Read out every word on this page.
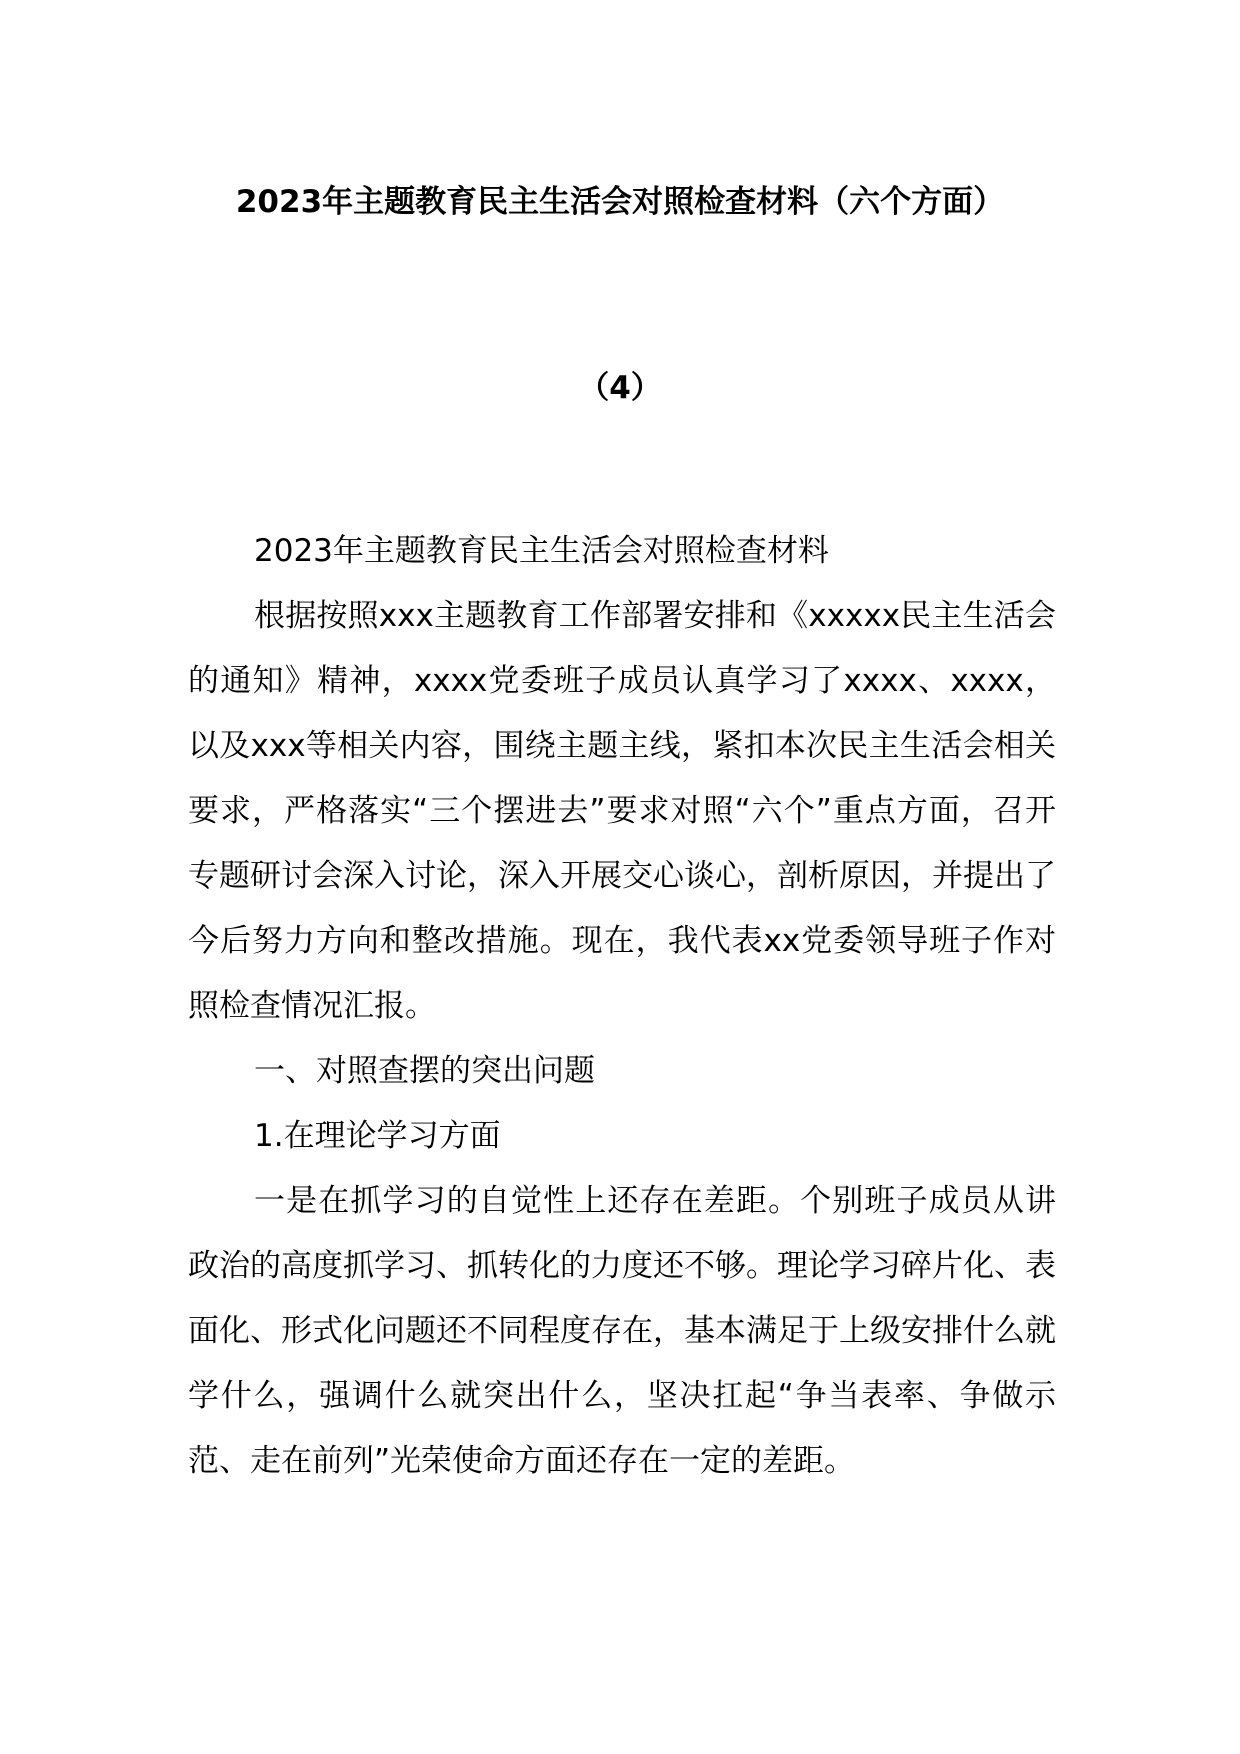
2023年主题教育民主生活会对照检查材料（六个方面）
（4）

2023年主题教育民主生活会对照检查材料

根据按照xxx主题教育工作部署安排和《xxxxx民主生活会的通知》精神，xxxx党委班子成员认真学习了xxxx、xxxx，以及xxx等相关内容，围绕主题主线，紧扣本次民主生活会相关要求，严格落实“三个摆进去”要求对照“六个”重点方面，召开专题研讨会深入讨论，深入开展交心谈心，剖析原因，并提出了今后努力方向和整改措施。现在，我代表xx党委领导班子作对照检查情况汇报。

一、对照查摆的突出问题

1.在理论学习方面

一是在抓学习的自觉性上还存在差距。个别班子成员从讲政治的高度抓学习、抓转化的力度还不够。理论学习碎片化、表面化、形式化问题还不同程度存在，基本满足于上级安排什么就学什么，强调什么就突出什么，坚决扛起“争当表率、争做示范、走在前列”光荣使命方面还存在一定的差距。
